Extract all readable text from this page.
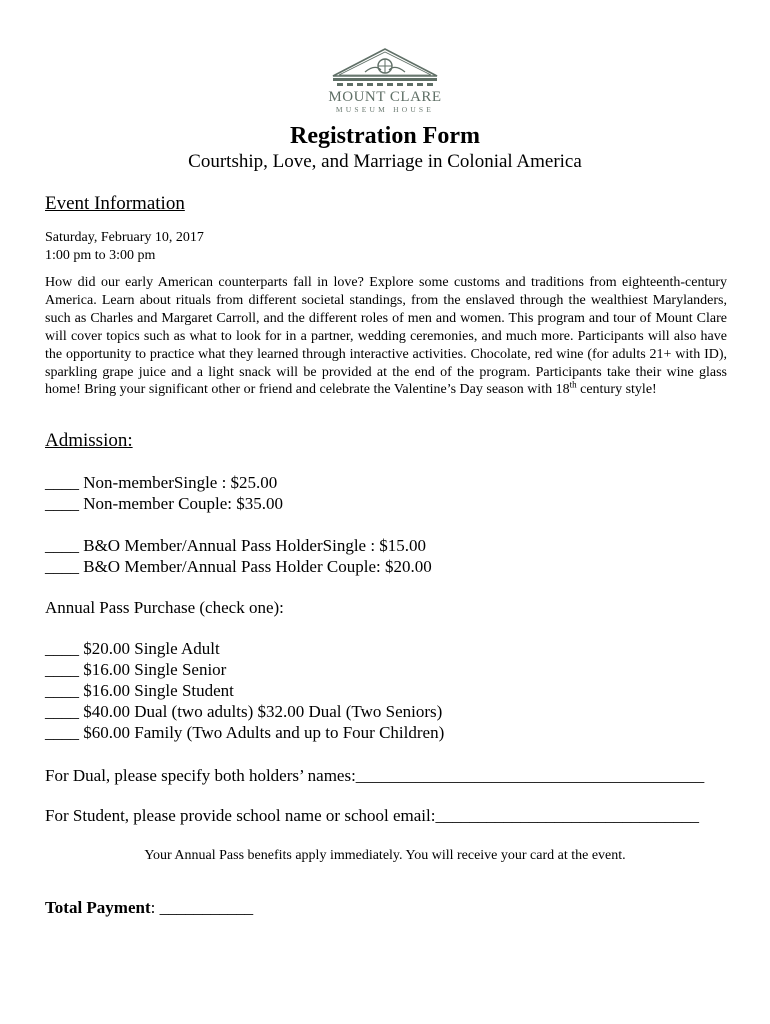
MOUNT CLARE
MUSEUM HOUSE
Registration Form
Courtship, Love, and Marriage in Colonial America
Event Information
Saturday, February 10, 2017
1:00 pm to 3:00 pm
How did our early American counterparts fall in love? Explore some customs and traditions from eighteenth-century America. Learn about rituals from different societal standings, from the enslaved through the wealthiest Marylanders, such as Charles and Margaret Carroll, and the different roles of men and women. This program and tour of Mount Clare will cover topics such as what to look for in a partner, wedding ceremonies, and much more. Participants will also have the opportunity to practice what they learned through interactive activities. Chocolate, red wine (for adults 21+ with ID), sparkling grape juice and a light snack will be provided at the end of the program. Participants take their wine glass home! Bring your significant other or friend and celebrate the Valentine’s Day season with 18th century style!
Admission:
____ Non-memberSingle : $25.00
____ Non-member Couple: $35.00
____ B&O Member/Annual Pass HolderSingle : $15.00
____ B&O Member/Annual Pass Holder Couple: $20.00
Annual Pass Purchase (check one):
____ $20.00 Single Adult
____ $16.00 Single Senior
____ $16.00 Single Student
____ $40.00 Dual (two adults) $32.00 Dual (Two Seniors)
____ $60.00 Family (Two Adults and up to Four Children)
For Dual, please specify both holders’ names:_________________________________________
For Student, please provide school name or school email:_______________________________
Your Annual Pass benefits apply immediately. You will receive your card at the event.
Total Payment: ___________
